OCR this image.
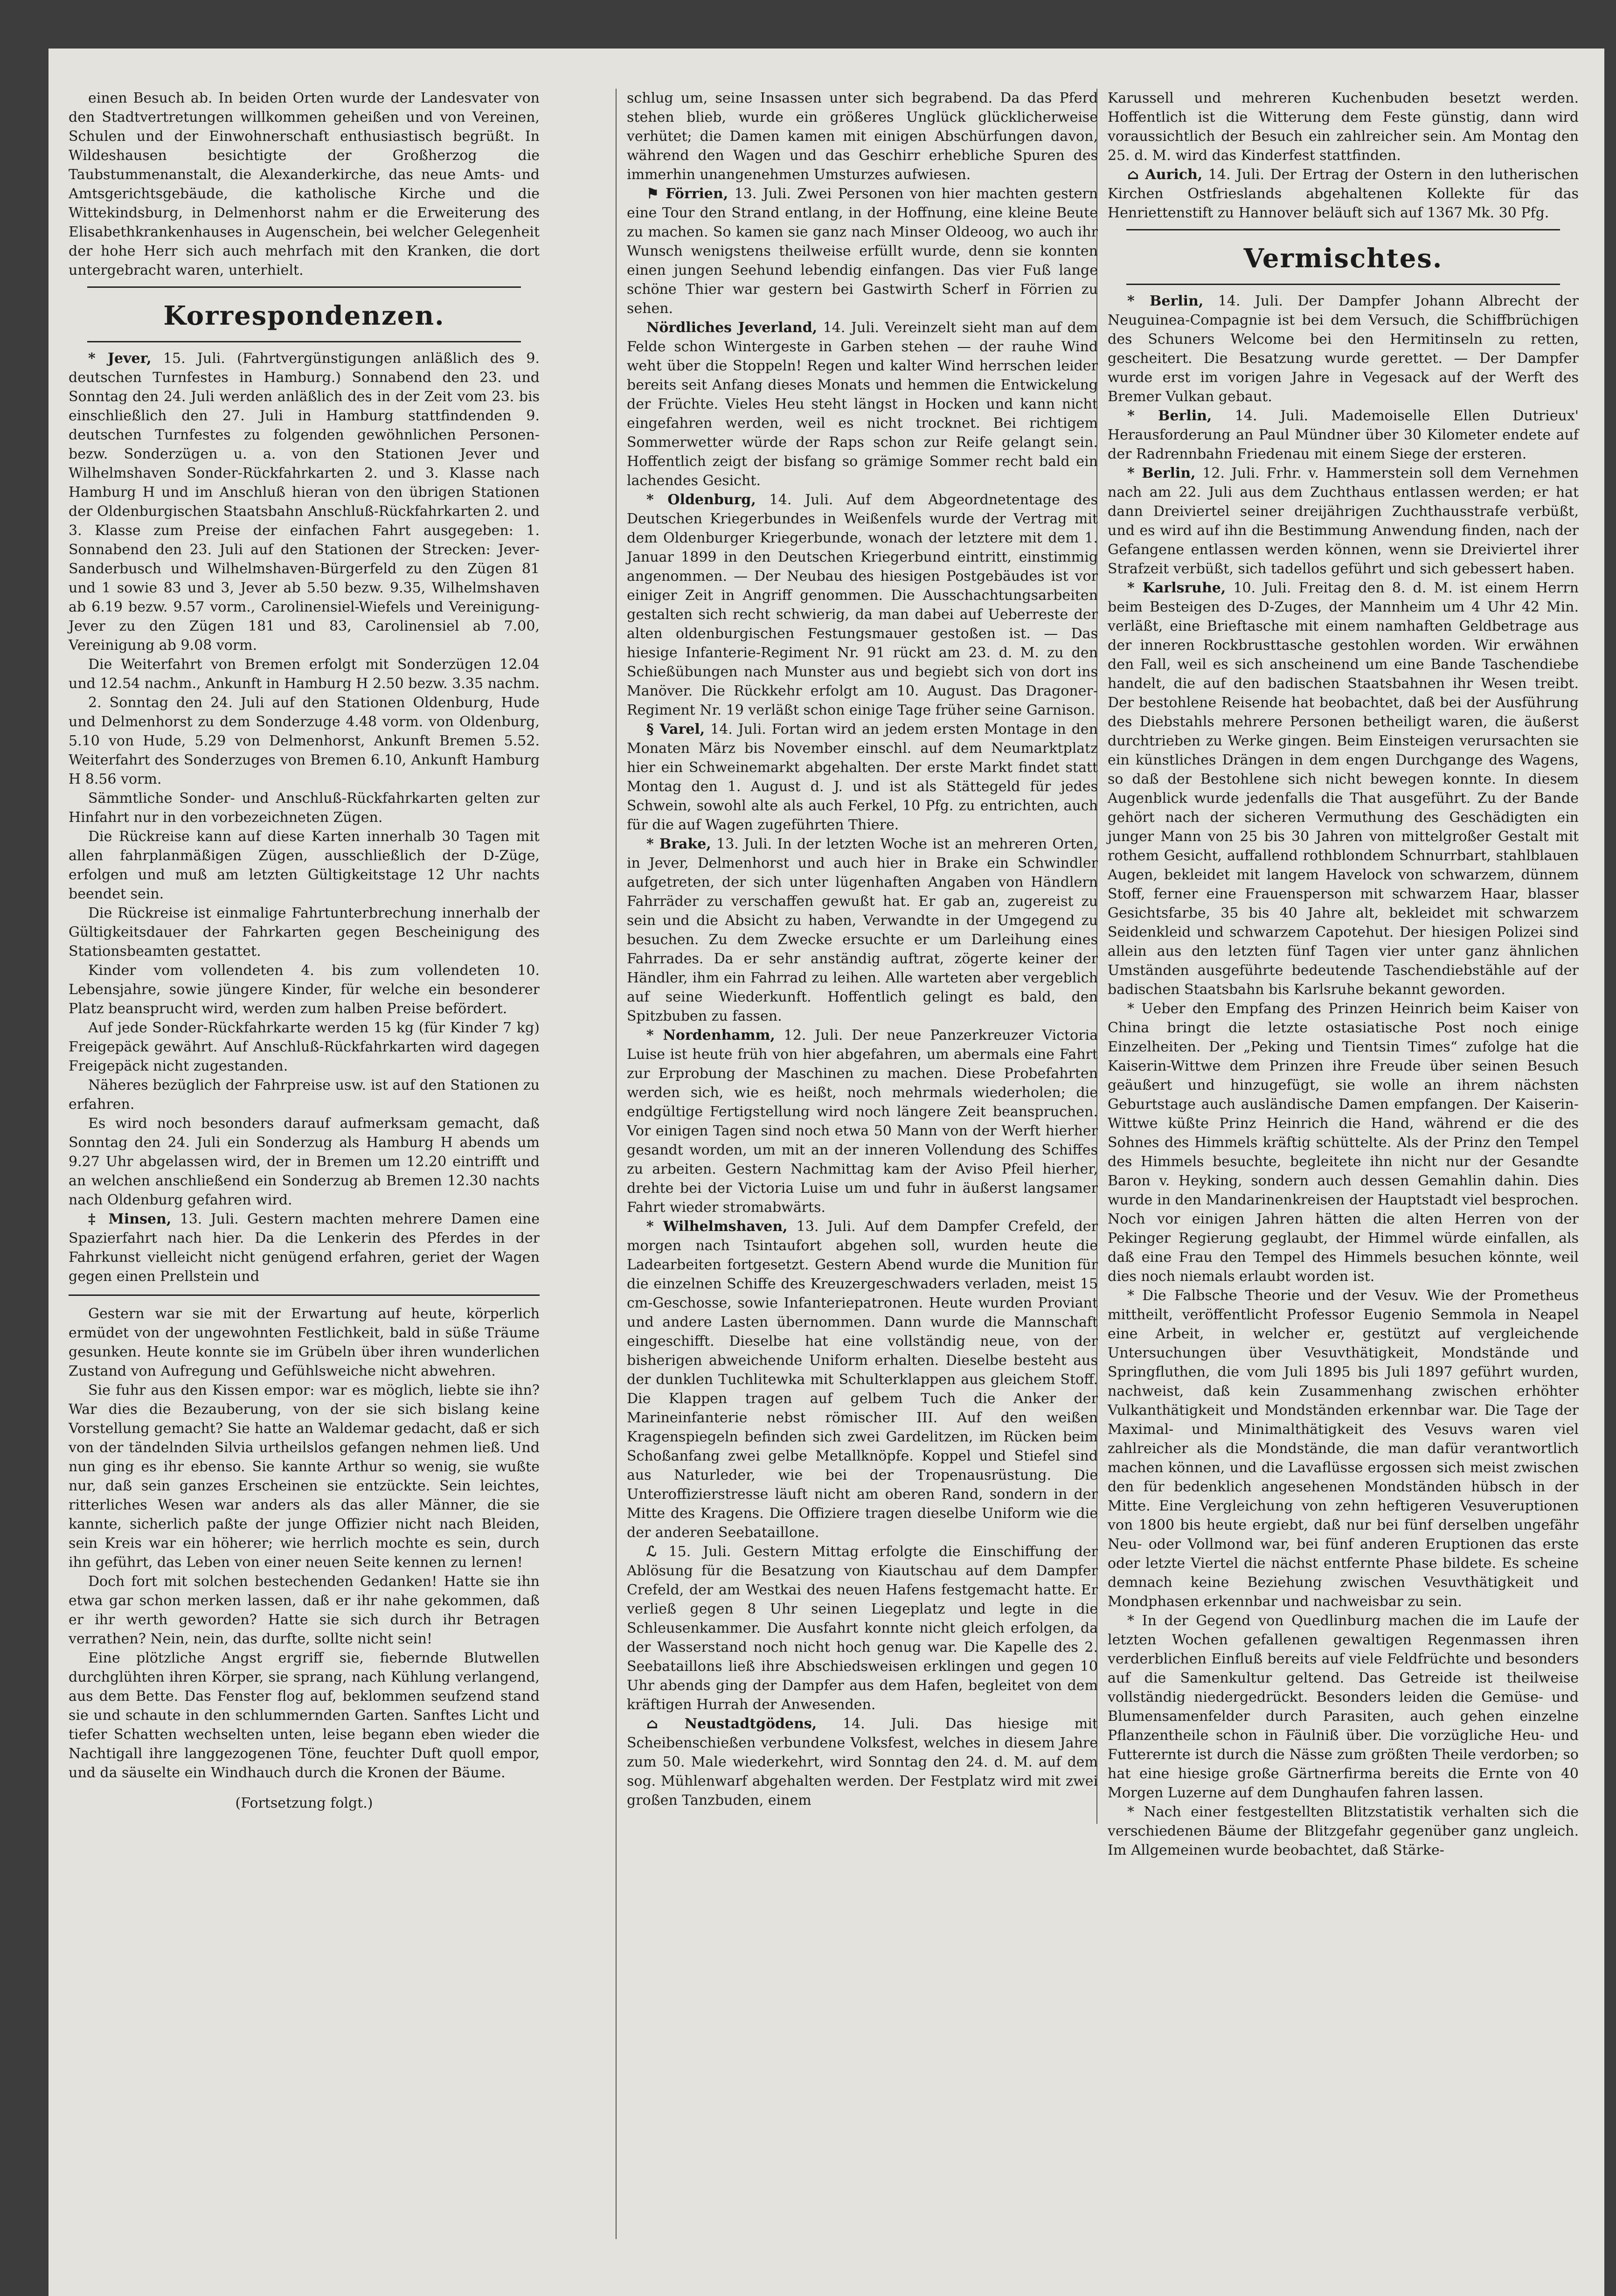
einen Besuch ab. In beiden Orten wurde der Landesvater von den Stadtvertretungen willkommen geheißen und von Vereinen, Schulen und der Einwohnerschaft enthusiastisch begrüßt. In Wildeshausen besichtigte der Großherzog die Taubstummenanstalt, die Alexanderkirche, das neue Amts- und Amtsgerichtsgebäude, die katholische Kirche und die Wittekindsburg, in Delmenhorst nahm er die Erweiterung des Elisabethkrankenhauses in Augenschein, bei welcher Gelegenheit der hohe Herr sich auch mehrfach mit den Kranken, die dort untergebracht waren, unterhielt.

Korrespondenzen.

* Jever, 15. Juli. (Fahrtvergünstigungen anläßlich des 9. deutschen Turnfestes in Hamburg.) Sonnabend den 23. und Sonntag den 24. Juli werden anläßlich des in der Zeit vom 23. bis einschließlich den 27. Juli in Hamburg stattfindenden 9. deutschen Turnfestes zu folgenden gewöhnlichen Personen- bezw. Sonderzügen u. a. von den Stationen Jever und Wilhelmshaven Sonder-Rückfahrkarten 2. und 3. Klasse nach Hamburg H und im Anschluß hieran von den übrigen Stationen der Oldenburgischen Staatsbahn Anschluß-Rückfahrkarten 2. und 3. Klasse zum Preise der einfachen Fahrt ausgegeben: 1. Sonnabend den 23. Juli auf den Stationen der Strecken: Jever-Sanderbusch und Wilhelmshaven-Bürgerfeld zu den Zügen 81 und 1 sowie 83 und 3, Jever ab 5.50 bezw. 9.35, Wilhelmshaven ab 6.19 bezw. 9.57 vorm., Carolinensiel-Wiefels und Vereinigung-Jever zu den Zügen 181 und 83, Carolinensiel ab 7.00, Vereinigung ab 9.08 vorm.

Die Weiterfahrt von Bremen erfolgt mit Sonderzügen 12.04 und 12.54 nachm., Ankunft in Hamburg H 2.50 bezw. 3.35 nachm.

2. Sonntag den 24. Juli auf den Stationen Oldenburg, Hude und Delmenhorst zu dem Sonderzuge 4.48 vorm. von Oldenburg, 5.10 von Hude, 5.29 von Delmenhorst, Ankunft Bremen 5.52. Weiterfahrt des Sonderzuges von Bremen 6.10, Ankunft Hamburg H 8.56 vorm.

Sämmtliche Sonder- und Anschluß-Rückfahrkarten gelten zur Hinfahrt nur in den vorbezeichneten Zügen.

Die Rückreise kann auf diese Karten innerhalb 30 Tagen mit allen fahrplanmäßigen Zügen, ausschließlich der D-Züge, erfolgen und muß am letzten Gültigkeitstage 12 Uhr nachts beendet sein.

Die Rückreise ist einmalige Fahrtunterbrechung innerhalb der Gültigkeitsdauer der Fahrkarten gegen Bescheinigung des Stationsbeamten gestattet.

Kinder vom vollendeten 4. bis zum vollendeten 10. Lebensjahre, sowie jüngere Kinder, für welche ein besonderer Platz beansprucht wird, werden zum halben Preise befördert.

Auf jede Sonder-Rückfahrkarte werden 15 kg (für Kinder 7 kg) Freigepäck gewährt. Auf Anschluß-Rückfahrkarten wird dagegen Freigepäck nicht zugestanden.

Näheres bezüglich der Fahrpreise usw. ist auf den Stationen zu erfahren.

Es wird noch besonders darauf aufmerksam gemacht, daß Sonntag den 24. Juli ein Sonderzug als Hamburg H abends um 9.27 Uhr abgelassen wird, der in Bremen um 12.20 eintrifft und an welchen anschließend ein Sonderzug ab Bremen 12.30 nachts nach Oldenburg gefahren wird.

‡ Minsen, 13. Juli. Gestern machten mehrere Damen eine Spazierfahrt nach hier. Da die Lenkerin des Pferdes in der Fahrkunst vielleicht nicht genügend erfahren, geriet der Wagen gegen einen Prellstein und

Gestern war sie mit der Erwartung auf heute, körperlich ermüdet von der ungewohnten Festlichkeit, bald in süße Träume gesunken. Heute konnte sie im Grübeln über ihren wunderlichen Zustand von Aufregung und Gefühlsweiche nicht abwehren.

Sie fuhr aus den Kissen empor: war es möglich, liebte sie ihn? War dies die Bezauberung, von der sie sich bislang keine Vorstellung gemacht? Sie hatte an Waldemar gedacht, daß er sich von der tändelnden Silvia urtheilslos gefangen nehmen ließ. Und nun ging es ihr ebenso. Sie kannte Arthur so wenig, sie wußte nur, daß sein ganzes Erscheinen sie entzückte. Sein leichtes, ritterliches Wesen war anders als das aller Männer, die sie kannte, sicherlich paßte der junge Offizier nicht nach Bleiden, sein Kreis war ein höherer; wie herrlich mochte es sein, durch ihn geführt, das Leben von einer neuen Seite kennen zu lernen!

Doch fort mit solchen bestechenden Gedanken! Hatte sie ihn etwa gar schon merken lassen, daß er ihr nahe gekommen, daß er ihr werth geworden? Hatte sie sich durch ihr Betragen verrathen? Nein, nein, das durfte, sollte nicht sein!

Eine plötzliche Angst ergriff sie, fiebernde Blutwellen durchglühten ihren Körper, sie sprang, nach Kühlung verlangend, aus dem Bette. Das Fenster flog auf, beklommen seufzend stand sie und schaute in den schlummernden Garten. Sanftes Licht und tiefer Schatten wechselten unten, leise begann eben wieder die Nachtigall ihre langgezogenen Töne, feuchter Duft quoll empor, und da säuselte ein Windhauch durch die Kronen der Bäume.

(Fortsetzung folgt.)

schlug um, seine Insassen unter sich begrabend. Da das Pferd stehen blieb, wurde ein größeres Unglück glücklicherweise verhütet; die Damen kamen mit einigen Abschürfungen davon, während den Wagen und das Geschirr erhebliche Spuren des immerhin unangenehmen Umsturzes aufwiesen.

⚑ Förrien, 13. Juli. Zwei Personen von hier machten gestern eine Tour den Strand entlang, in der Hoffnung, eine kleine Beute zu machen. So kamen sie ganz nach Minser Oldeoog, wo auch ihr Wunsch wenigstens theilweise erfüllt wurde, denn sie konnten einen jungen Seehund lebendig einfangen. Das vier Fuß lange schöne Thier war gestern bei Gastwirth Scherf in Förrien zu sehen.

Nördliches Jeverland, 14. Juli. Vereinzelt sieht man auf dem Felde schon Wintergeste in Garben stehen — der rauhe Wind weht über die Stoppeln! Regen und kalter Wind herrschen leider bereits seit Anfang dieses Monats und hemmen die Entwickelung der Früchte. Vieles Heu steht längst in Hocken und kann nicht eingefahren werden, weil es nicht trocknet. Bei richtigem Sommerwetter würde der Raps schon zur Reife gelangt sein. Hoffentlich zeigt der bisfang so grämige Sommer recht bald ein lachendes Gesicht.

* Oldenburg, 14. Juli. Auf dem Abgeordnetentage des Deutschen Kriegerbundes in Weißenfels wurde der Vertrag mit dem Oldenburger Kriegerbunde, wonach der letztere mit dem 1. Januar 1899 in den Deutschen Kriegerbund eintritt, einstimmig angenommen. — Der Neubau des hiesigen Postgebäudes ist vor einiger Zeit in Angriff genommen. Die Ausschachtungsarbeiten gestalten sich recht schwierig, da man dabei auf Ueberreste der alten oldenburgischen Festungsmauer gestoßen ist. — Das hiesige Infanterie-Regiment Nr. 91 rückt am 23. d. M. zu den Schießübungen nach Munster aus und begiebt sich von dort ins Manöver. Die Rückkehr erfolgt am 10. August. Das Dragoner-Regiment Nr. 19 verläßt schon einige Tage früher seine Garnison.

§ Varel, 14. Juli. Fortan wird an jedem ersten Montage in den Monaten März bis November einschl. auf dem Neumarktplatz hier ein Schweinemarkt abgehalten. Der erste Markt findet statt Montag den 1. August d. J. und ist als Stättegeld für jedes Schwein, sowohl alte als auch Ferkel, 10 Pfg. zu entrichten, auch für die auf Wagen zugeführten Thiere.

* Brake, 13. Juli. In der letzten Woche ist an mehreren Orten, in Jever, Delmenhorst und auch hier in Brake ein Schwindler aufgetreten, der sich unter lügenhaften Angaben von Händlern Fahrräder zu verschaffen gewußt hat. Er gab an, zugereist zu sein und die Absicht zu haben, Verwandte in der Umgegend zu besuchen. Zu dem Zwecke ersuchte er um Darleihung eines Fahrrades. Da er sehr anständig auftrat, zögerte keiner der Händler, ihm ein Fahrrad zu leihen. Alle warteten aber vergeblich auf seine Wiederkunft. Hoffentlich gelingt es bald, den Spitzbuben zu fassen.

* Nordenhamm, 12. Juli. Der neue Panzerkreuzer Victoria Luise ist heute früh von hier abgefahren, um abermals eine Fahrt zur Erprobung der Maschinen zu machen. Diese Probefahrten werden sich, wie es heißt, noch mehrmals wiederholen; die endgültige Fertigstellung wird noch längere Zeit beanspruchen. Vor einigen Tagen sind noch etwa 50 Mann von der Werft hierher gesandt worden, um mit an der inneren Vollendung des Schiffes zu arbeiten. Gestern Nachmittag kam der Aviso Pfeil hierher, drehte bei der Victoria Luise um und fuhr in äußerst langsamer Fahrt wieder stromabwärts.

* Wilhelmshaven, 13. Juli. Auf dem Dampfer Crefeld, der morgen nach Tsintaufort abgehen soll, wurden heute die Ladearbeiten fortgesetzt. Gestern Abend wurde die Munition für die einzelnen Schiffe des Kreuzergeschwaders verladen, meist 15 cm-Geschosse, sowie Infanteriepatronen. Heute wurden Proviant und andere Lasten übernommen. Dann wurde die Mannschaft eingeschifft. Dieselbe hat eine vollständig neue, von der bisherigen abweichende Uniform erhalten. Dieselbe besteht aus der dunklen Tuchlitewka mit Schulterklappen aus gleichem Stoff. Die Klappen tragen auf gelbem Tuch die Anker der Marineinfanterie nebst römischer III. Auf den weißen Kragenspiegeln befinden sich zwei Gardelitzen, im Rücken beim Schoßanfang zwei gelbe Metallknöpfe. Koppel und Stiefel sind aus Naturleder, wie bei der Tropenausrüstung. Die Unteroffizierstresse läuft nicht am oberen Rand, sondern in der Mitte des Kragens. Die Offiziere tragen dieselbe Uniform wie die der anderen Seebataillone.

ℒ 15. Juli. Gestern Mittag erfolgte die Einschiffung der Ablösung für die Besatzung von Kiautschau auf dem Dampfer Crefeld, der am Westkai des neuen Hafens festgemacht hatte. Er verließ gegen 8 Uhr seinen Liegeplatz und legte in die Schleusenkammer. Die Ausfahrt konnte nicht gleich erfolgen, da der Wasserstand noch nicht hoch genug war. Die Kapelle des 2. Seebataillons ließ ihre Abschiedsweisen erklingen und gegen 10 Uhr abends ging der Dampfer aus dem Hafen, begleitet von dem kräftigen Hurrah der Anwesenden.

⌂ Neustadtgödens, 14. Juli. Das hiesige mit Scheibenschießen verbundene Volksfest, welches in diesem Jahre zum 50. Male wiederkehrt, wird Sonntag den 24. d. M. auf dem sog. Mühlenwarf abgehalten werden. Der Festplatz wird mit zwei großen Tanzbuden, einem

Karussell und mehreren Kuchenbuden besetzt werden. Hoffentlich ist die Witterung dem Feste günstig, dann wird voraussichtlich der Besuch ein zahlreicher sein. Am Montag den 25. d. M. wird das Kinderfest stattfinden.

⌂ Aurich, 14. Juli. Der Ertrag der Ostern in den lutherischen Kirchen Ostfrieslands abgehaltenen Kollekte für das Henriettenstift zu Hannover beläuft sich auf 1367 Mk. 30 Pfg.

Vermischtes.

* Berlin, 14. Juli. Der Dampfer Johann Albrecht der Neuguinea-Compagnie ist bei dem Versuch, die Schiffbrüchigen des Schuners Welcome bei den Hermitinseln zu retten, gescheitert. Die Besatzung wurde gerettet. — Der Dampfer wurde erst im vorigen Jahre in Vegesack auf der Werft des Bremer Vulkan gebaut.

* Berlin, 14. Juli. Mademoiselle Ellen Dutrieux' Herausforderung an Paul Mündner über 30 Kilometer endete auf der Radrennbahn Friedenau mit einem Siege der ersteren.

* Berlin, 12. Juli. Frhr. v. Hammerstein soll dem Vernehmen nach am 22. Juli aus dem Zuchthaus entlassen werden; er hat dann Dreiviertel seiner dreijährigen Zuchthausstrafe verbüßt, und es wird auf ihn die Bestimmung Anwendung finden, nach der Gefangene entlassen werden können, wenn sie Dreiviertel ihrer Strafzeit verbüßt, sich tadellos geführt und sich gebessert haben.

* Karlsruhe, 10. Juli. Freitag den 8. d. M. ist einem Herrn beim Besteigen des D-Zuges, der Mannheim um 4 Uhr 42 Min. verläßt, eine Brieftasche mit einem namhaften Geldbetrage aus der inneren Rockbrusttasche gestohlen worden. Wir erwähnen den Fall, weil es sich anscheinend um eine Bande Taschendiebe handelt, die auf den badischen Staatsbahnen ihr Wesen treibt. Der bestohlene Reisende hat beobachtet, daß bei der Ausführung des Diebstahls mehrere Personen betheiligt waren, die äußerst durchtrieben zu Werke gingen. Beim Einsteigen verursachten sie ein künstliches Drängen in dem engen Durchgange des Wagens, so daß der Bestohlene sich nicht bewegen konnte. In diesem Augenblick wurde jedenfalls die That ausgeführt. Zu der Bande gehört nach der sicheren Vermuthung des Geschädigten ein junger Mann von 25 bis 30 Jahren von mittelgroßer Gestalt mit rothem Gesicht, auffallend rothblondem Schnurrbart, stahlblauen Augen, bekleidet mit langem Havelock von schwarzem, dünnem Stoff, ferner eine Frauensperson mit schwarzem Haar, blasser Gesichtsfarbe, 35 bis 40 Jahre alt, bekleidet mit schwarzem Seidenkleid und schwarzem Capotehut. Der hiesigen Polizei sind allein aus den letzten fünf Tagen vier unter ganz ähnlichen Umständen ausgeführte bedeutende Taschendiebstähle auf der badischen Staatsbahn bis Karlsruhe bekannt geworden.

* Ueber den Empfang des Prinzen Heinrich beim Kaiser von China bringt die letzte ostasiatische Post noch einige Einzelheiten. Der „Peking und Tientsin Times“ zufolge hat die Kaiserin-Wittwe dem Prinzen ihre Freude über seinen Besuch geäußert und hinzugefügt, sie wolle an ihrem nächsten Geburtstage auch ausländische Damen empfangen. Der Kaiserin-Wittwe küßte Prinz Heinrich die Hand, während er die des Sohnes des Himmels kräftig schüttelte. Als der Prinz den Tempel des Himmels besuchte, begleitete ihn nicht nur der Gesandte Baron v. Heyking, sondern auch dessen Gemahlin dahin. Dies wurde in den Mandarinenkreisen der Hauptstadt viel besprochen. Noch vor einigen Jahren hätten die alten Herren von der Pekinger Regierung geglaubt, der Himmel würde einfallen, als daß eine Frau den Tempel des Himmels besuchen könnte, weil dies noch niemals erlaubt worden ist.

* Die Falbsche Theorie und der Vesuv. Wie der Prometheus mittheilt, veröffentlicht Professor Eugenio Semmola in Neapel eine Arbeit, in welcher er, gestützt auf vergleichende Untersuchungen über Vesuvthätigkeit, Mondstände und Springfluthen, die vom Juli 1895 bis Juli 1897 geführt wurden, nachweist, daß kein Zusammenhang zwischen erhöhter Vulkanthätigkeit und Mondständen erkennbar war. Die Tage der Maximal- und Minimalthätigkeit des Vesuvs waren viel zahlreicher als die Mondstände, die man dafür verantwortlich machen können, und die Lavaflüsse ergossen sich meist zwischen den für bedenklich angesehenen Mondständen hübsch in der Mitte. Eine Vergleichung von zehn heftigeren Vesuveruptionen von 1800 bis heute ergiebt, daß nur bei fünf derselben ungefähr Neu- oder Vollmond war, bei fünf anderen Eruptionen das erste oder letzte Viertel die nächst entfernte Phase bildete. Es scheine demnach keine Beziehung zwischen Vesuvthätigkeit und Mondphasen erkennbar und nachweisbar zu sein.

* In der Gegend von Quedlinburg machen die im Laufe der letzten Wochen gefallenen gewaltigen Regenmassen ihren verderblichen Einfluß bereits auf viele Feldfrüchte und besonders auf die Samenkultur geltend. Das Getreide ist theilweise vollständig niedergedrückt. Besonders leiden die Gemüse- und Blumensamenfelder durch Parasiten, auch gehen einzelne Pflanzentheile schon in Fäulniß über. Die vorzügliche Heu- und Futterernte ist durch die Nässe zum größten Theile verdorben; so hat eine hiesige große Gärtnerfirma bereits die Ernte von 40 Morgen Luzerne auf dem Dunghaufen fahren lassen.

* Nach einer festgestellten Blitzstatistik verhalten sich die verschiedenen Bäume der Blitzgefahr gegenüber ganz ungleich. Im Allgemeinen wurde beobachtet, daß Stärke-
